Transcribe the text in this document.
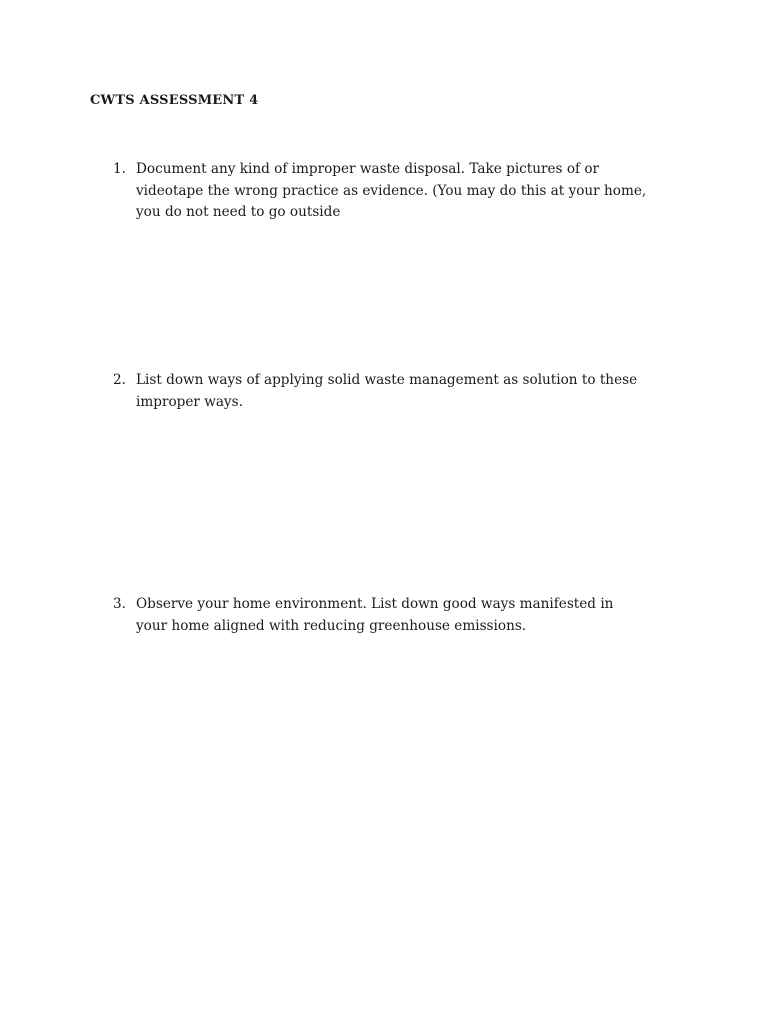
CWTS ASSESSMENT 4
1. Document any kind of improper waste disposal. Take pictures of or
videotape the wrong practice as evidence. (You may do this at your home,
you do not need to go outside
2. List down ways of applying solid waste management as solution to these
improper ways.
3. Observe your home environment. List down good ways manifested in
your home aligned with reducing greenhouse emissions.
